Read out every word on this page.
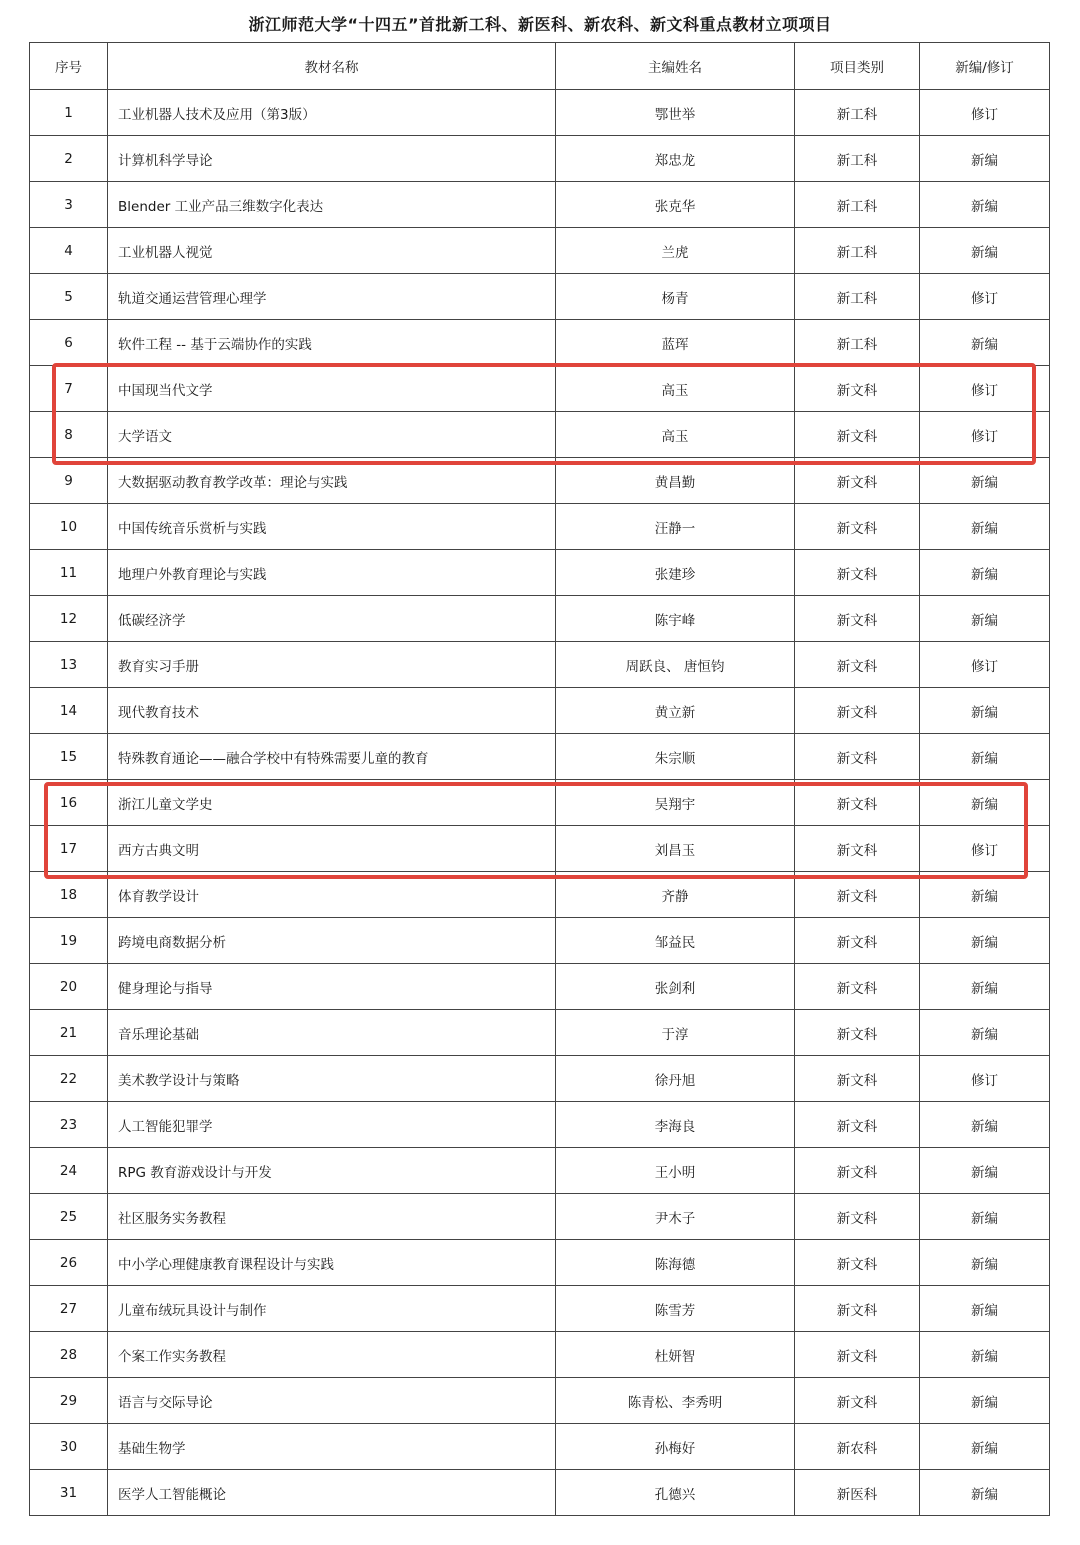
浙江师范大学“十四五”首批新工科、新医科、新农科、新文科重点教材立项项目
序号	教材名称	主编姓名	项目类别	新编/修订
1	工业机器人技术及应用（第3版）	鄂世举	新工科	修订
2	计算机科学导论	郑忠龙	新工科	新编
3	Blender 工业产品三维数字化表达	张克华	新工科	新编
4	工业机器人视觉	兰虎	新工科	新编
5	轨道交通运营管理心理学	杨青	新工科	修订
6	软件工程 -- 基于云端协作的实践	蓝珲	新工科	新编
7	中国现当代文学	高玉	新文科	修订
8	大学语文	高玉	新文科	修订
9	大数据驱动教育教学改革：理论与实践	黄昌勤	新文科	新编
10	中国传统音乐赏析与实践	汪静一	新文科	新编
11	地理户外教育理论与实践	张建珍	新文科	新编
12	低碳经济学	陈宇峰	新文科	新编
13	教育实习手册	周跃良、 唐恒钧	新文科	修订
14	现代教育技术	黄立新	新文科	新编
15	特殊教育通论——融合学校中有特殊需要儿童的教育	朱宗顺	新文科	新编
16	浙江儿童文学史	吴翔宇	新文科	新编
17	西方古典文明	刘昌玉	新文科	修订
18	体育教学设计	齐静	新文科	新编
19	跨境电商数据分析	邹益民	新文科	新编
20	健身理论与指导	张剑利	新文科	新编
21	音乐理论基础	于淳	新文科	新编
22	美术教学设计与策略	徐丹旭	新文科	修订
23	人工智能犯罪学	李海良	新文科	新编
24	RPG 教育游戏设计与开发	王小明	新文科	新编
25	社区服务实务教程	尹木子	新文科	新编
26	中小学心理健康教育课程设计与实践	陈海德	新文科	新编
27	儿童布绒玩具设计与制作	陈雪芳	新文科	新编
28	个案工作实务教程	杜妍智	新文科	新编
29	语言与交际导论	陈青松、李秀明	新文科	新编
30	基础生物学	孙梅好	新农科	新编
31	医学人工智能概论	孔德兴	新医科	新编
